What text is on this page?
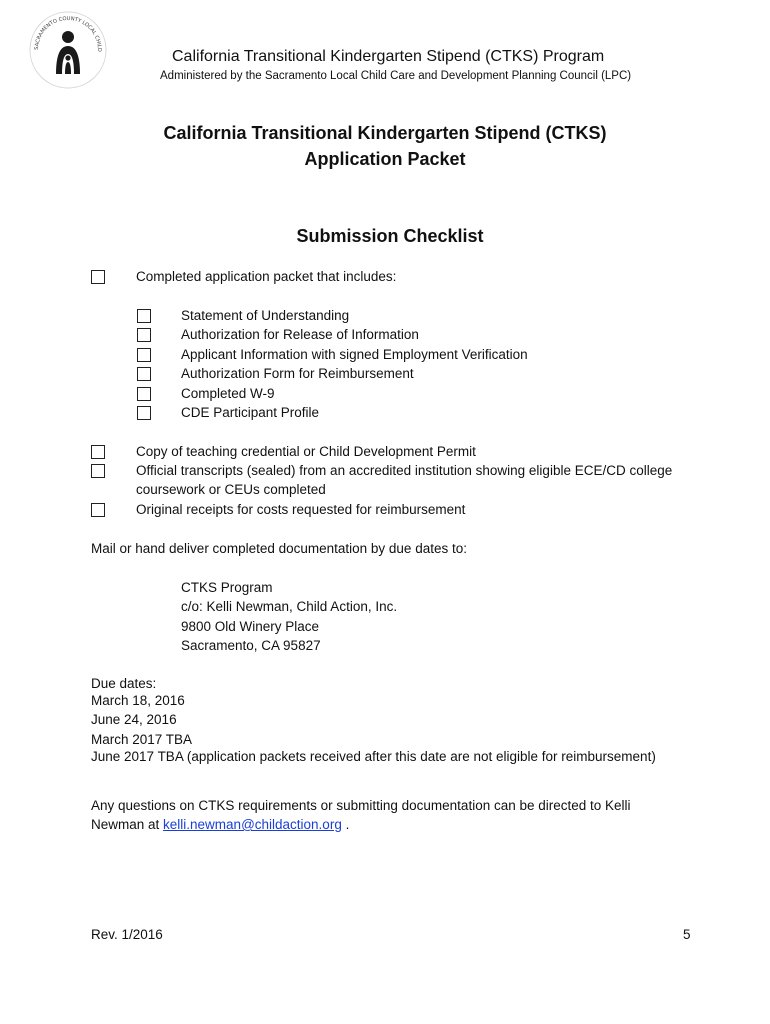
SACRAMENTO COUNTY LOCAL CHILD	California Transitional Kindergarten Stipend (CTKS) Program
Administered by the Sacramento Local Child Care and Development Planning Council (LPC)
California Transitional Kindergarten Stipend (CTKS)
Application Packet
Submission Checklist
Completed application packet that includes:
Statement of Understanding
Authorization for Release of Information
Applicant Information with signed Employment Verification
Authorization Form for Reimbursement
Completed W-9
CDE Participant Profile
Copy of teaching credential or Child Development Permit
Official transcripts (sealed) from an accredited institution showing eligible ECE/CD college
coursework or CEUs completed
Original receipts for costs requested for reimbursement
Mail or hand deliver completed documentation by due dates to:
CTKS Program
c/o: Kelli Newman, Child Action, Inc.
9800 Old Winery Place
Sacramento, CA 95827
Due dates:
March 18, 2016
June 24, 2016
March 2017 TBA
June 2017 TBA (application packets received after this date are not eligible for reimbursement)
Any questions on CTKS requirements or submitting documentation can be directed to Kelli
Newman at kelli.newman@childaction.org .
Rev. 1/2016	5
